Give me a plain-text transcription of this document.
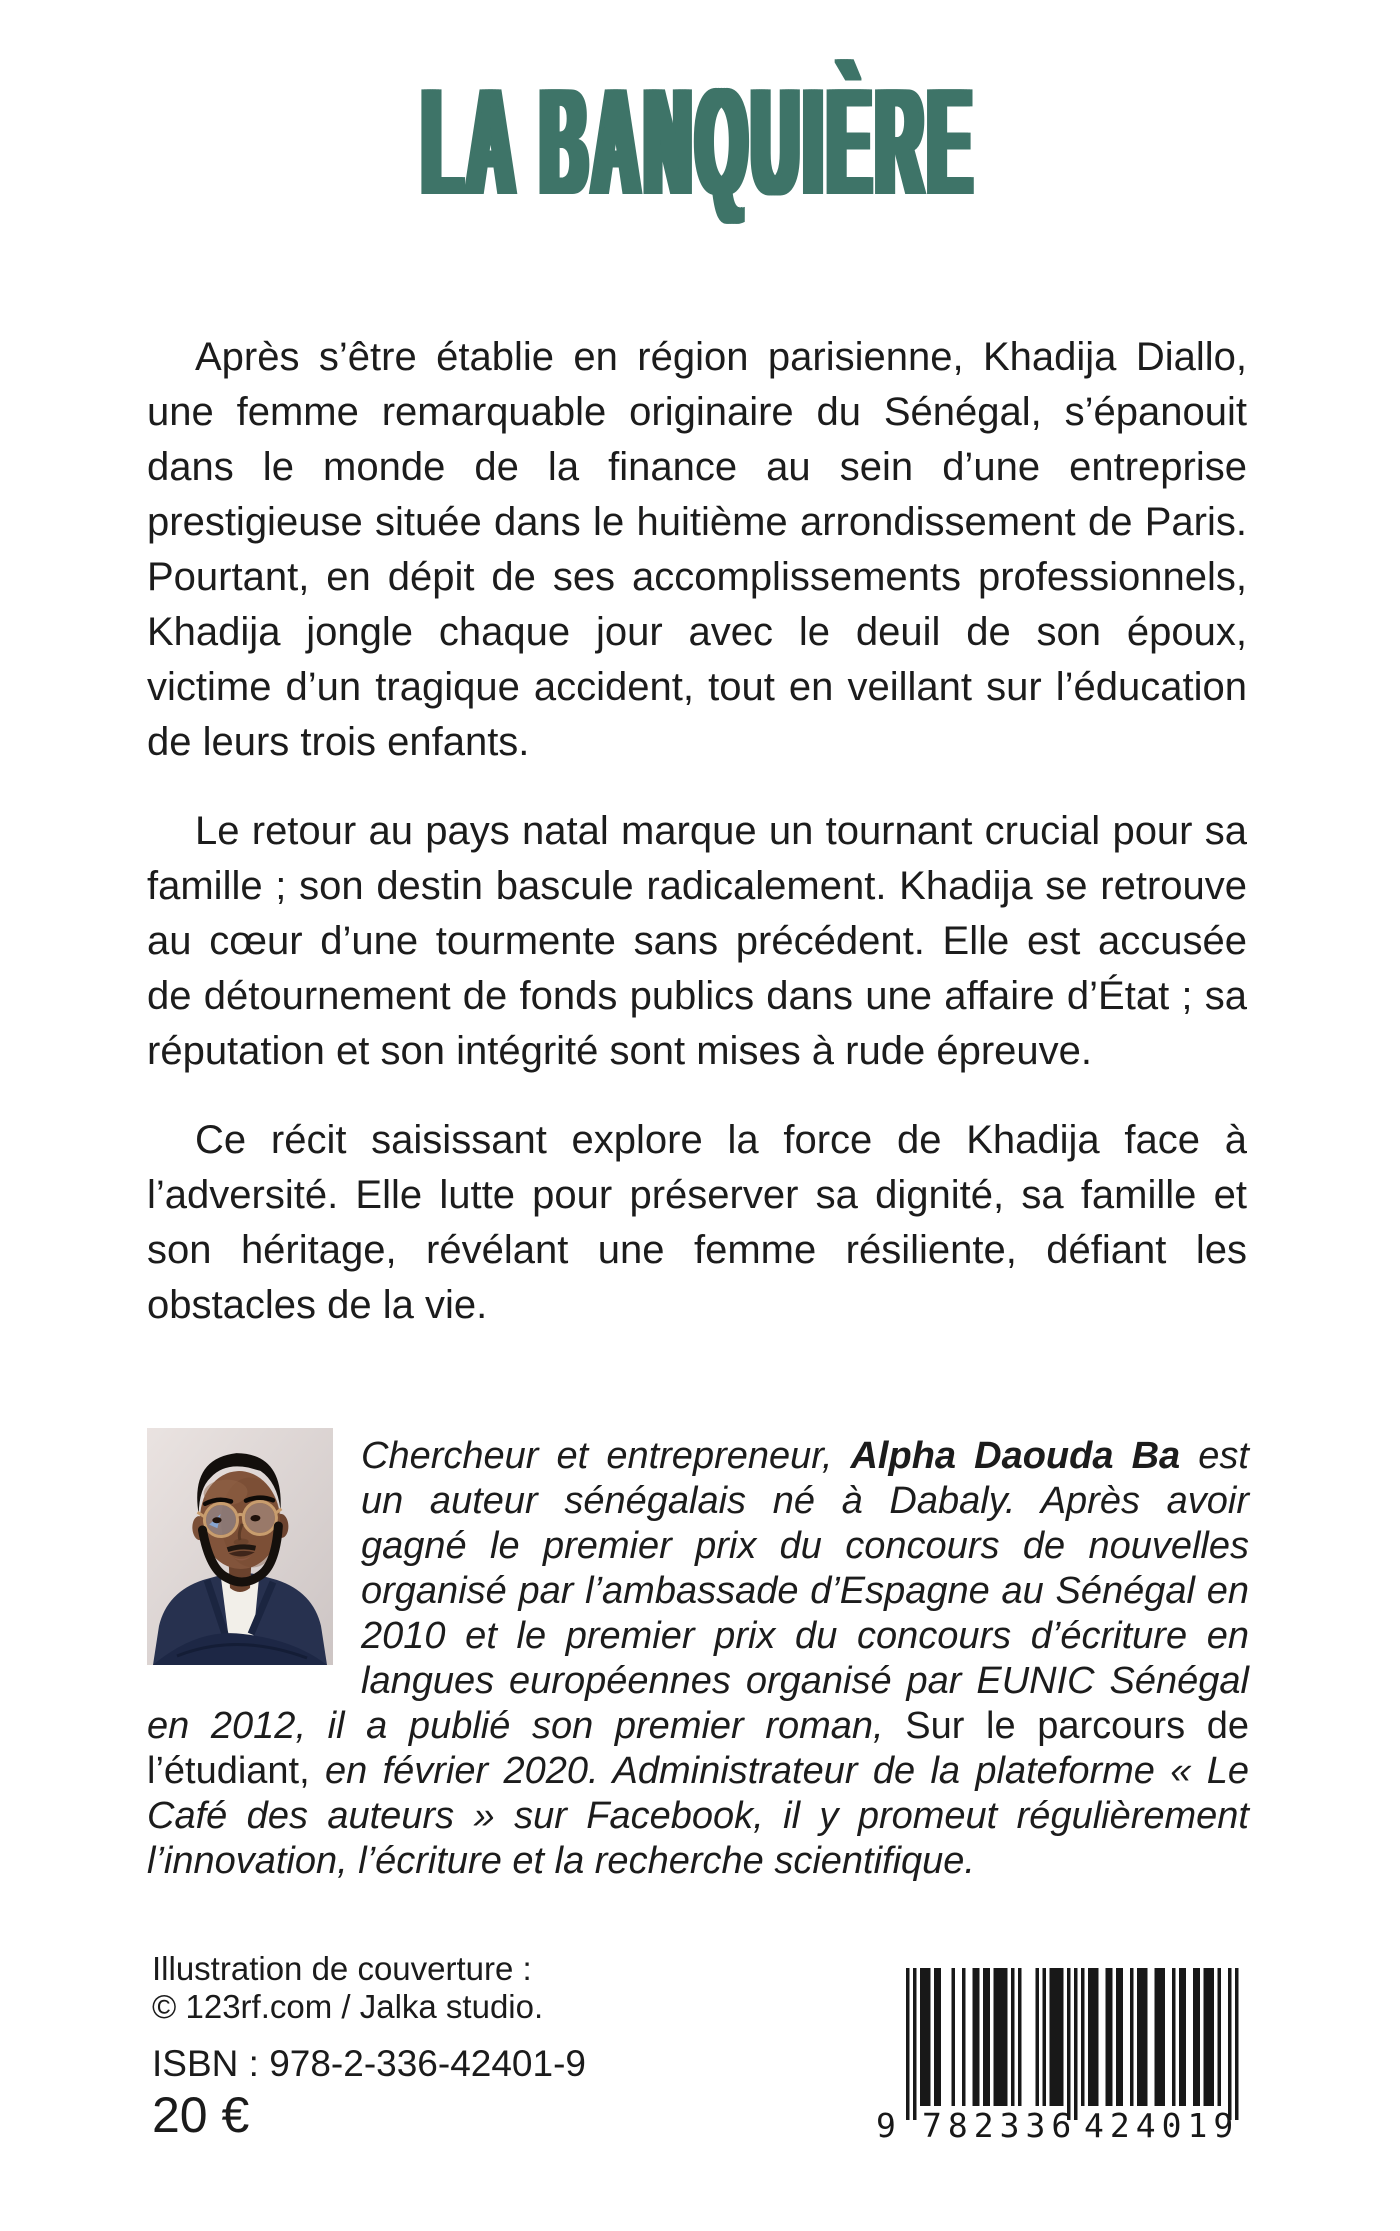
LA BANQUIÈRE

Après s’être établie en région parisienne, Khadija Diallo, une femme remarquable originaire du Sénégal, s’épanouit dans le monde de la finance au sein d’une entreprise prestigieuse située dans le huitième arrondissement de Paris. Pourtant, en dépit de ses accomplissements professionnels, Khadija jongle chaque jour avec le deuil de son époux, victime d’un tragique accident, tout en veillant sur l’éducation de leurs trois enfants.

Le retour au pays natal marque un tournant crucial pour sa famille ; son destin bascule radicalement. Khadija se retrouve au cœur d’une tourmente sans précédent. Elle est accusée de détournement de fonds publics dans une affaire d’État ; sa réputation et son intégrité sont mises à rude épreuve.

Ce récit saisissant explore la force de Khadija face à l’adversité. Elle lutte pour préserver sa dignité, sa famille et son héritage, révélant une femme résiliente, défiant les obstacles de la vie.

Chercheur et entrepreneur, Alpha Daouda Ba est un auteur sénégalais né à Dabaly. Après avoir gagné le premier prix du concours de nouvelles organisé par l’ambassade d’Espagne au Sénégal en 2010 et le premier prix du concours d’écriture en langues européennes organisé par EUNIC Sénégal en 2012, il a publié son premier roman, Sur le parcours de l’étudiant, en février 2020. Administrateur de la plateforme « Le Café des auteurs » sur Facebook, il y promeut régulièrement l’innovation, l’écriture et la recherche scientifique.
Illustration de couverture :
© 123rf.com / Jalka studio.
ISBN : 978-2-336-42401-9
20 €	9 782336 424019
